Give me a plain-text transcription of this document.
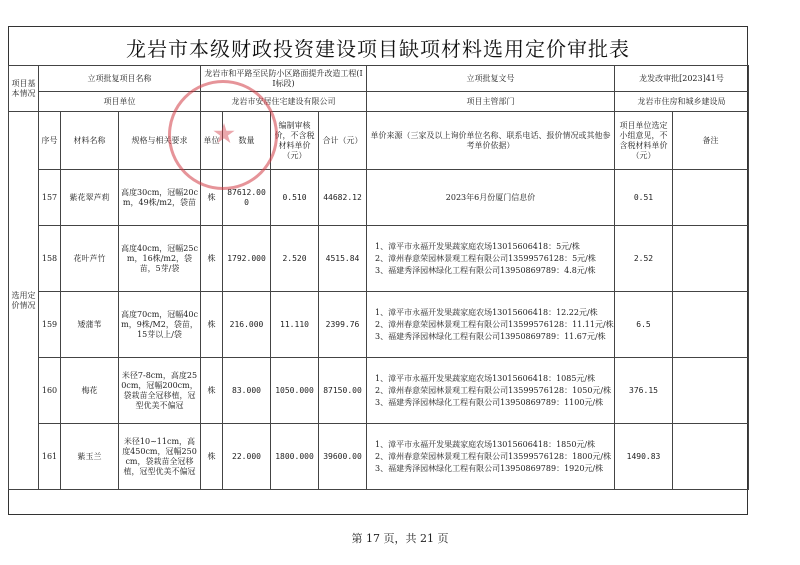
龙岩市本级财政投资建设项目缺项材料选用定价审批表
项目基本情况	立项批复项目名称			龙岩市和平路至民防小区路面提升改造工程(II标段)				立项批复文号	龙发改审批[2023]41号	
	项目单位			龙岩市安居住宅建设有限公司				项目主管部门	龙岩市住房和城乡建设局	
选用定价情况	序号	材料名称	规格与相关要求	单位	数量	编制审核价，不含税材料单价（元）	合计（元）	单价来源（三家及以上询价单位名称、联系电话、报价情况或其他参考单价依据）	项目单位选定小组意见，不含税材料单价（元）	备注
	157	紫花翠芦莉	高度30cm，冠幅20cm，49株/m2，袋苗	株	87612.000	0.510	44682.12	2023年6月份厦门信息价	0.51	
	158	花叶芦竹	高度40cm，冠幅25cm，16株/m2，袋苗，5芽/袋	株	1792.000	2.520	4515.84	1、漳平市永福开发果蔬家庭农场13015606418：5元/株
2、漳州春意荣园林景观工程有限公司13599576128：5元/株
3、福建秀泽园林绿化工程有限公司13950869789：4.8元/株	2.52	
	159	矮蒲苇	高度70cm，冠幅40cm，9株/M2，袋苗，15芽以上/袋	株	216.000	11.110	2399.76	1、漳平市永福开发果蔬家庭农场13015606418：12.22元/株
2、漳州春意荣园林景观工程有限公司13599576128：11.11元/株
3、福建秀泽园林绿化工程有限公司13950869789：11.67元/株	6.5	
	160	梅花	米径7-8cm，高度250cm，冠幅200cm，袋栽苗全冠移植，冠型优美不偏冠	株	83.000	1050.000	87150.00	1、漳平市永福开发果蔬家庭农场13015606418：1085元/株
2、漳州春意荣园林景观工程有限公司13599576128：1050元/株
3、福建秀泽园林绿化工程有限公司13950869789：1100元/株	376.15	
	161	紫玉兰	米径10~11cm，高度450cm，冠幅250cm，袋栽苗全冠移植，冠型优美不偏冠	株	22.000	1800.000	39600.00	1、漳平市永福开发果蔬家庭农场13015606418：1850元/株
2、漳州春意荣园林景观工程有限公司13599576128：1800元/株
3、福建秀泽园林绿化工程有限公司13950869789：1920元/株	1490.83	
第 17 页，共 21 页
